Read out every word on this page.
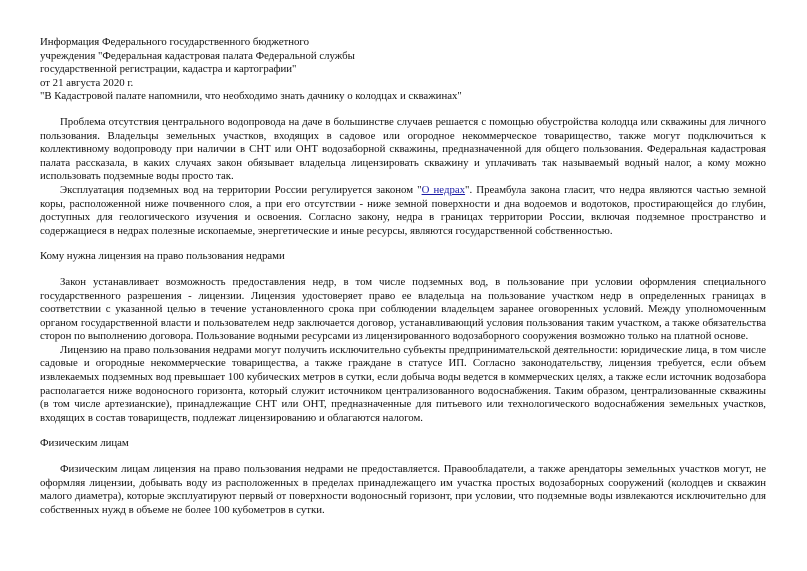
Информация Федерального государственного бюджетного
учреждения "Федеральная кадастровая палата Федеральной службы
государственной регистрации, кадастра и картографии"
от 21 августа 2020 г.
"В Кадастровой палате напомнили, что необходимо знать дачнику о колодцах и скважинах"

Проблема отсутствия центрального водопровода на даче в большинстве случаев решается с помощью обустройства колодца или скважины для личного пользования. Владельцы земельных участков, входящих в садовое или огородное некоммерческое товарищество, также могут подключиться к коллективному водопроводу при наличии в СНТ или ОНТ водозаборной скважины, предназначенной для общего пользования. Федеральная кадастровая палата рассказала, в каких случаях закон обязывает владельца лицензировать скважину и уплачивать так называемый водный налог, а кому можно использовать подземные воды просто так.

Эксплуатация подземных вод на территории России регулируется законом "О недрах". Преамбула закона гласит, что недра являются частью земной коры, расположенной ниже почвенного слоя, а при его отсутствии - ниже земной поверхности и дна водоемов и водотоков, простирающейся до глубин, доступных для геологического изучения и освоения. Согласно закону, недра в границах территории России, включая подземное пространство и содержащиеся в недрах полезные ископаемые, энергетические и иные ресурсы, являются государственной собственностью.

Кому нужна лицензия на право пользования недрами

Закон устанавливает возможность предоставления недр, в том числе подземных вод, в пользование при условии оформления специального государственного разрешения - лицензии. Лицензия удостоверяет право ее владельца на пользование участком недр в определенных границах в соответствии с указанной целью в течение установленного срока при соблюдении владельцем заранее оговоренных условий. Между уполномоченным органом государственной власти и пользователем недр заключается договор, устанавливающий условия пользования таким участком, а также обязательства сторон по выполнению договора. Пользование водными ресурсами из лицензированного водозаборного сооружения возможно только на платной основе.

Лицензию на право пользования недрами могут получить исключительно субъекты предпринимательской деятельности: юридические лица, в том числе садовые и огородные некоммерческие товарищества, а также граждане в статусе ИП. Согласно законодательству, лицензия требуется, если объем извлекаемых подземных вод превышает 100 кубических метров в сутки, если добыча воды ведется в коммерческих целях, а также если источник водозабора располагается ниже водоносного горизонта, который служит источником централизованного водоснабжения. Таким образом, централизованные скважины (в том числе артезианские), принадлежащие СНТ или ОНТ, предназначенные для питьевого или технологического водоснабжения земельных участков, входящих в состав товариществ, подлежат лицензированию и облагаются налогом.

Физическим лицам

Физическим лицам лицензия на право пользования недрами не предоставляется. Правообладатели, а также арендаторы земельных участков могут, не оформляя лицензии, добывать воду из расположенных в пределах принадлежащего им участка простых водозаборных сооружений (колодцев и скважин малого диаметра), которые эксплуатируют первый от поверхности водоносный горизонт, при условии, что подземные воды извлекаются исключительно для собственных нужд в объеме не более 100 кубометров в сутки.
